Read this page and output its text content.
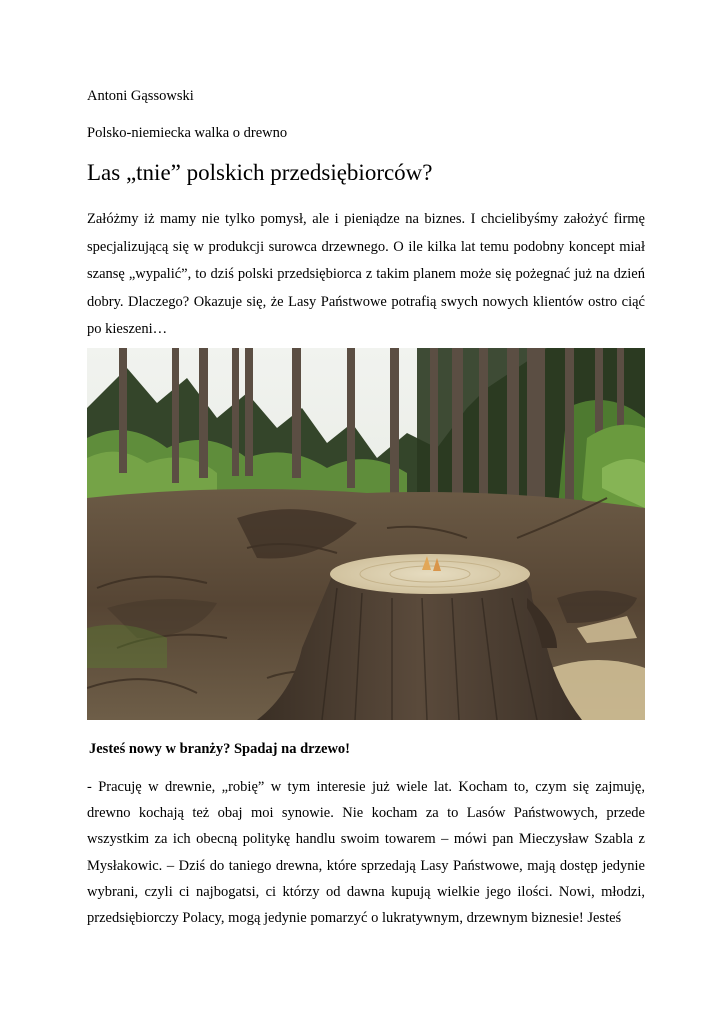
Antoni Gąssowski
Polsko-niemiecka walka o drewno
Las „tnie” polskich przedsiębiorców?

Załóżmy iż mamy nie tylko pomysł, ale i pieniądze na biznes. I chcielibyśmy założyć firmę specjalizującą się w produkcji surowca drzewnego. O ile kilka lat temu podobny koncept miał szansę „wypalić”, to dziś polski przedsiębiorca z takim planem może się pożegnać już na dzień dobry. Dlaczego? Okazuje się, że Lasy Państwowe potrafią swych nowych klientów ostro ciąć po kieszeni…

Jesteś nowy w branży? Spadaj na drzewo!

- Pracuję w drewnie, „robię” w tym interesie już wiele lat. Kocham to, czym się zajmuję, drewno kochają też obaj moi synowie. Nie kocham za to Lasów Państwowych, przede wszystkim za ich obecną politykę handlu swoim towarem – mówi pan Mieczysław Szabla z Mysłakowic. – Dziś do taniego drewna, które sprzedają Lasy Państwowe, mają dostęp jedynie wybrani, czyli ci najbogatsi, ci którzy od dawna kupują wielkie jego ilości. Nowi, młodzi, przedsiębiorczy Polacy, mogą jedynie pomarzyć o lukratywnym, drzewnym biznesie! Jesteś
